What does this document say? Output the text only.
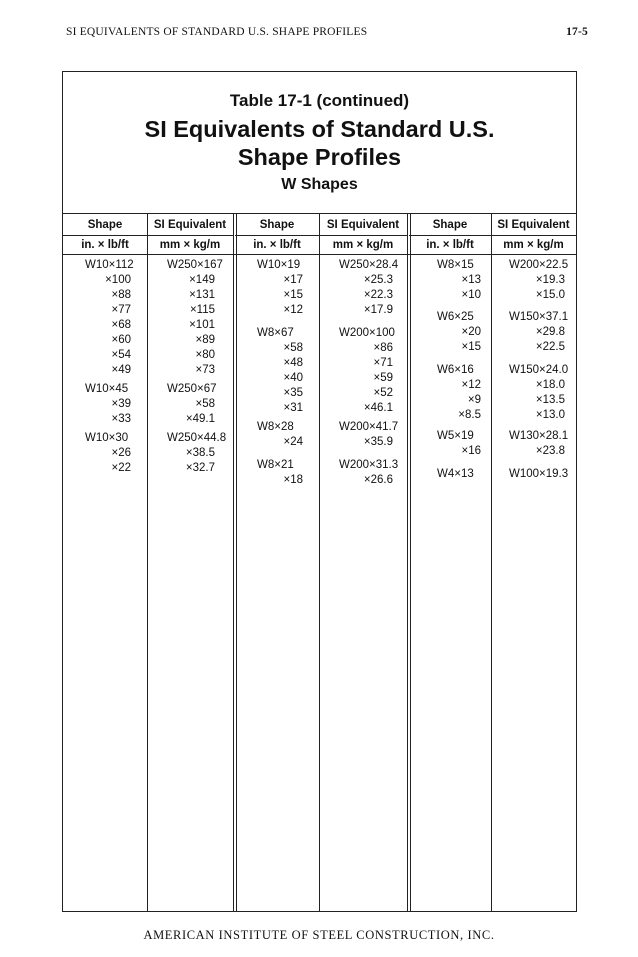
SI EQUIVALENTS OF STANDARD U.S. SHAPE PROFILES	17-5
Table 17-1 (continued)
SI Equivalents of Standard U.S.
Shape Profiles
W Shapes
Shape
in. × lb/ft
SI Equivalent
mm × kg/m
Shape
in. × lb/ft
SI Equivalent
mm × kg/m
Shape
in. × lb/ft
SI Equivalent
mm × kg/m
W10×112
×100
×88
×77
×68
×60
×54
×49
W10×45
×39
×33
W10×30
×26
×22
W250×167
×149
×131
×115
×101
×89
×80
×73
W250×67
×58
×49.1
W250×44.8
×38.5
×32.7
W10×19
×17
×15
×12
W8×67
×58
×48
×40
×35
×31
W8×28
×24
W8×21
×18
W250×28.4
×25.3
×22.3
×17.9
W200×100
×86
×71
×59
×52
×46.1
W200×41.7
×35.9
W200×31.3
×26.6
W8×15
×13
×10
W6×25
×20
×15
W6×16
×12
×9
×8.5
W5×19
×16
W4×13
W200×22.5
×19.3
×15.0
W150×37.1
×29.8
×22.5
W150×24.0
×18.0
×13.5
×13.0
W130×28.1
×23.8
W100×19.3
AMERICAN INSTITUTE OF STEEL CONSTRUCTION, INC.
